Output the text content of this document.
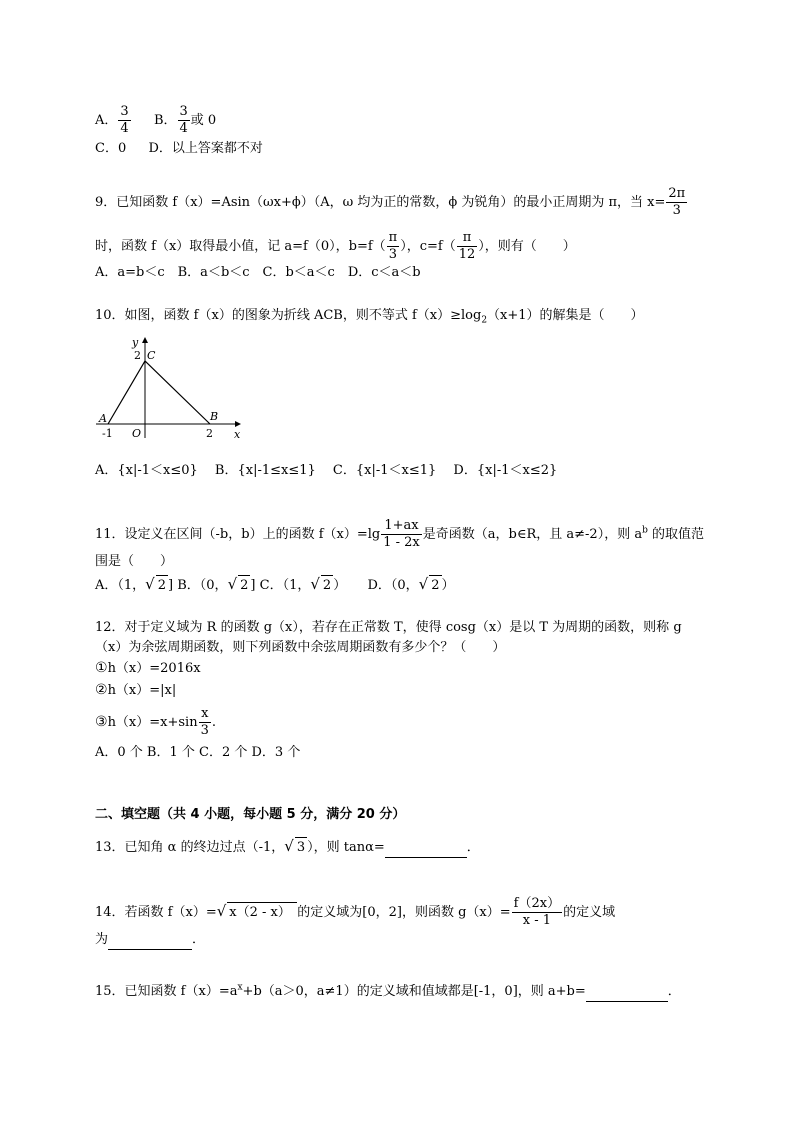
A． $\frac{3}{4}$ B． $\frac{3}{4}$ 或 0
C．0 D．以上答案都不对
9．已知函数 f（x）=Asin（ωx+ϕ）（A，ω 均为正的常数，ϕ 为锐角）的最小正周期为 π，当 $x= \frac{2\pi}{3}$
时，函数 f（x）取得最小值，记 a=f（0），$b=f( \frac{\pi}{3}$ ），$c=f( \frac{\pi}{12}$ ），则有（　　）
A．a=b＜c　B．a＜b＜c　C．b＜a＜c　D．c＜a＜b
10．如图，函数 f（x）的图象为折线 ACB，则不等式 $f(x)\ge\log_2(x+1)$的解集是（　　）
y
x
2 C
A	B
-1 O	2
A．{x|-1＜x≤0}　 B．{x|-1≤x≤1}　 C．{x|-1＜x≤1}　 D．{x|-1＜x≤2}
11．设定义在区间（-b，b）上的函数 $f(x)=\lg \frac{1+ax}{1 - 2x}$ 是奇函数（a，b∈R，且 a≠-2），则 $a^b$ 的取值范
围是（　　）
A．（1，√ 2 ] B．（0，√ 2 ] C．（1，√ 2 ） 　 D．（0，√ 2 ）
12．对于定义域为 R 的函数 g（x），若存在正常数 T，使得 cosg（x）是以 T 为周期的函数，则称 g
（x）为余弦周期函数，则下列函数中余弦周期函数有多少个？（　　）
①h（x）=2016x
②h（x）=|x|
③h（x）=x+sin $\frac{x}{3}$ .
A．0 个 B．1 个 C．2 个 D．3 个
二、填空题（共 4 小题，每小题 5 分，满分 20 分）
13．已知角 α 的终边过点（-1，√ 3 ），则 tanα=	．
14．若函数 f（x）=√ x（2 - x） 的定义域为[0，2]，则函数 $g(x)= \frac{f(2x)}{x - 1}$ 的定义域
为	．
15．已知函数 $f(x)=a^x+b(a>0$，a≠1）的定义域和值域都是[-1，0]，则 a+b=	．
